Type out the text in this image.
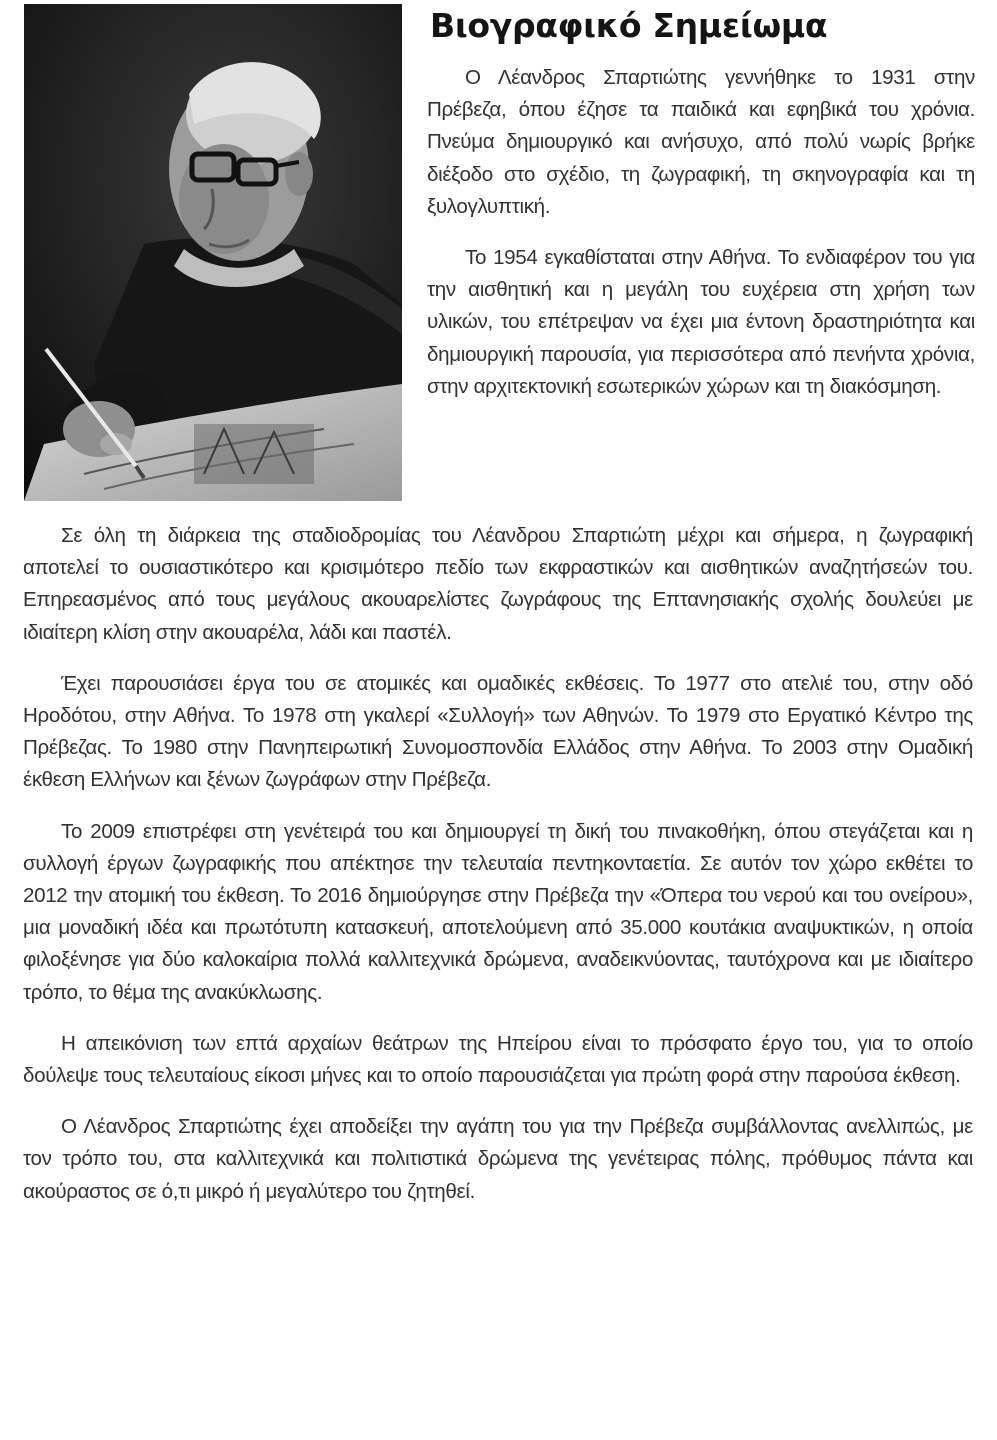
Βιογραφικό Σημείωμα

Ο Λέανδρος Σπαρτιώτης γεννήθηκε το 1931 στην Πρέβεζα, όπου έζησε τα παιδικά και εφηβικά του χρόνια. Πνεύμα δημιουργικό και ανήσυχο, από πολύ νωρίς βρήκε διέξοδο στο σχέδιο, τη ζωγραφική, τη σκηνογραφία και τη ξυλογλυπτική.

Το 1954 εγκαθίσταται στην Αθήνα. Το ενδιαφέρον του για την αισθητική και η μεγάλη του ευχέρεια στη χρήση των υλικών, του επέτρεψαν να έχει μια έντονη δραστηριότητα και δημιουργική παρουσία, για περισσότερα από πενήντα χρόνια, στην αρχιτεκτονική εσωτερικών χώρων και τη διακόσμηση.

Σε όλη τη διάρκεια της σταδιοδρομίας του Λέανδρου Σπαρτιώτη μέχρι και σήμερα, η ζωγραφική αποτελεί το ουσιαστικότερο και κρισιμότερο πεδίο των εκφραστικών και αισθητικών αναζητήσεών του. Επηρεασμένος από τους μεγάλους ακουαρελίστες ζωγράφους της Επτανησιακής σχολής δουλεύει με ιδιαίτερη κλίση στην ακουαρέλα, λάδι και παστέλ.

Έχει παρουσιάσει έργα του σε ατομικές και ομαδικές εκθέσεις. Το 1977 στο ατελιέ του, στην οδό Ηροδότου, στην Αθήνα. Το 1978 στη γκαλερί «Συλλογή» των Αθηνών. Το 1979 στο Εργατικό Κέντρο της Πρέβεζας. Το 1980 στην Πανηπειρωτική Συνομοσπονδία Ελλάδος στην Αθήνα. Το 2003 στην Ομαδική έκθεση Ελλήνων και ξένων ζωγράφων στην Πρέβεζα.

Το 2009 επιστρέφει στη γενέτειρά του και δημιουργεί τη δική του πινακοθήκη, όπου στεγάζεται και η συλλογή έργων ζωγραφικής που απέκτησε την τελευταία πεντηκονταετία. Σε αυτόν τον χώρο εκθέτει το 2012 την ατομική του έκθεση. Το 2016 δημιούργησε στην Πρέβεζα την «Όπερα του νερού και του ονείρου», μια μοναδική ιδέα και πρωτότυπη κατασκευή, αποτελούμενη από 35.000 κουτάκια αναψυκτικών, η οποία φιλοξένησε για δύο καλοκαίρια πολλά καλλιτεχνικά δρώμενα, αναδεικνύοντας, ταυτόχρονα και με ιδιαίτερο τρόπο, το θέμα της ανακύκλωσης.

Η απεικόνιση των επτά αρχαίων θεάτρων της Ηπείρου είναι το πρόσφατο έργο του, για το οποίο δούλεψε τους τελευταίους είκοσι μήνες και το οποίο παρουσιάζεται για πρώτη φορά στην παρούσα έκθεση.

Ο Λέανδρος Σπαρτιώτης έχει αποδείξει την αγάπη του για την Πρέβεζα συμβάλλοντας ανελλιπώς, με τον τρόπο του, στα καλλιτεχνικά και πολιτιστικά δρώμενα της γενέτειρας πόλης, πρόθυμος πάντα και ακούραστος σε ό,τι μικρό ή μεγαλύτερο του ζητηθεί.
